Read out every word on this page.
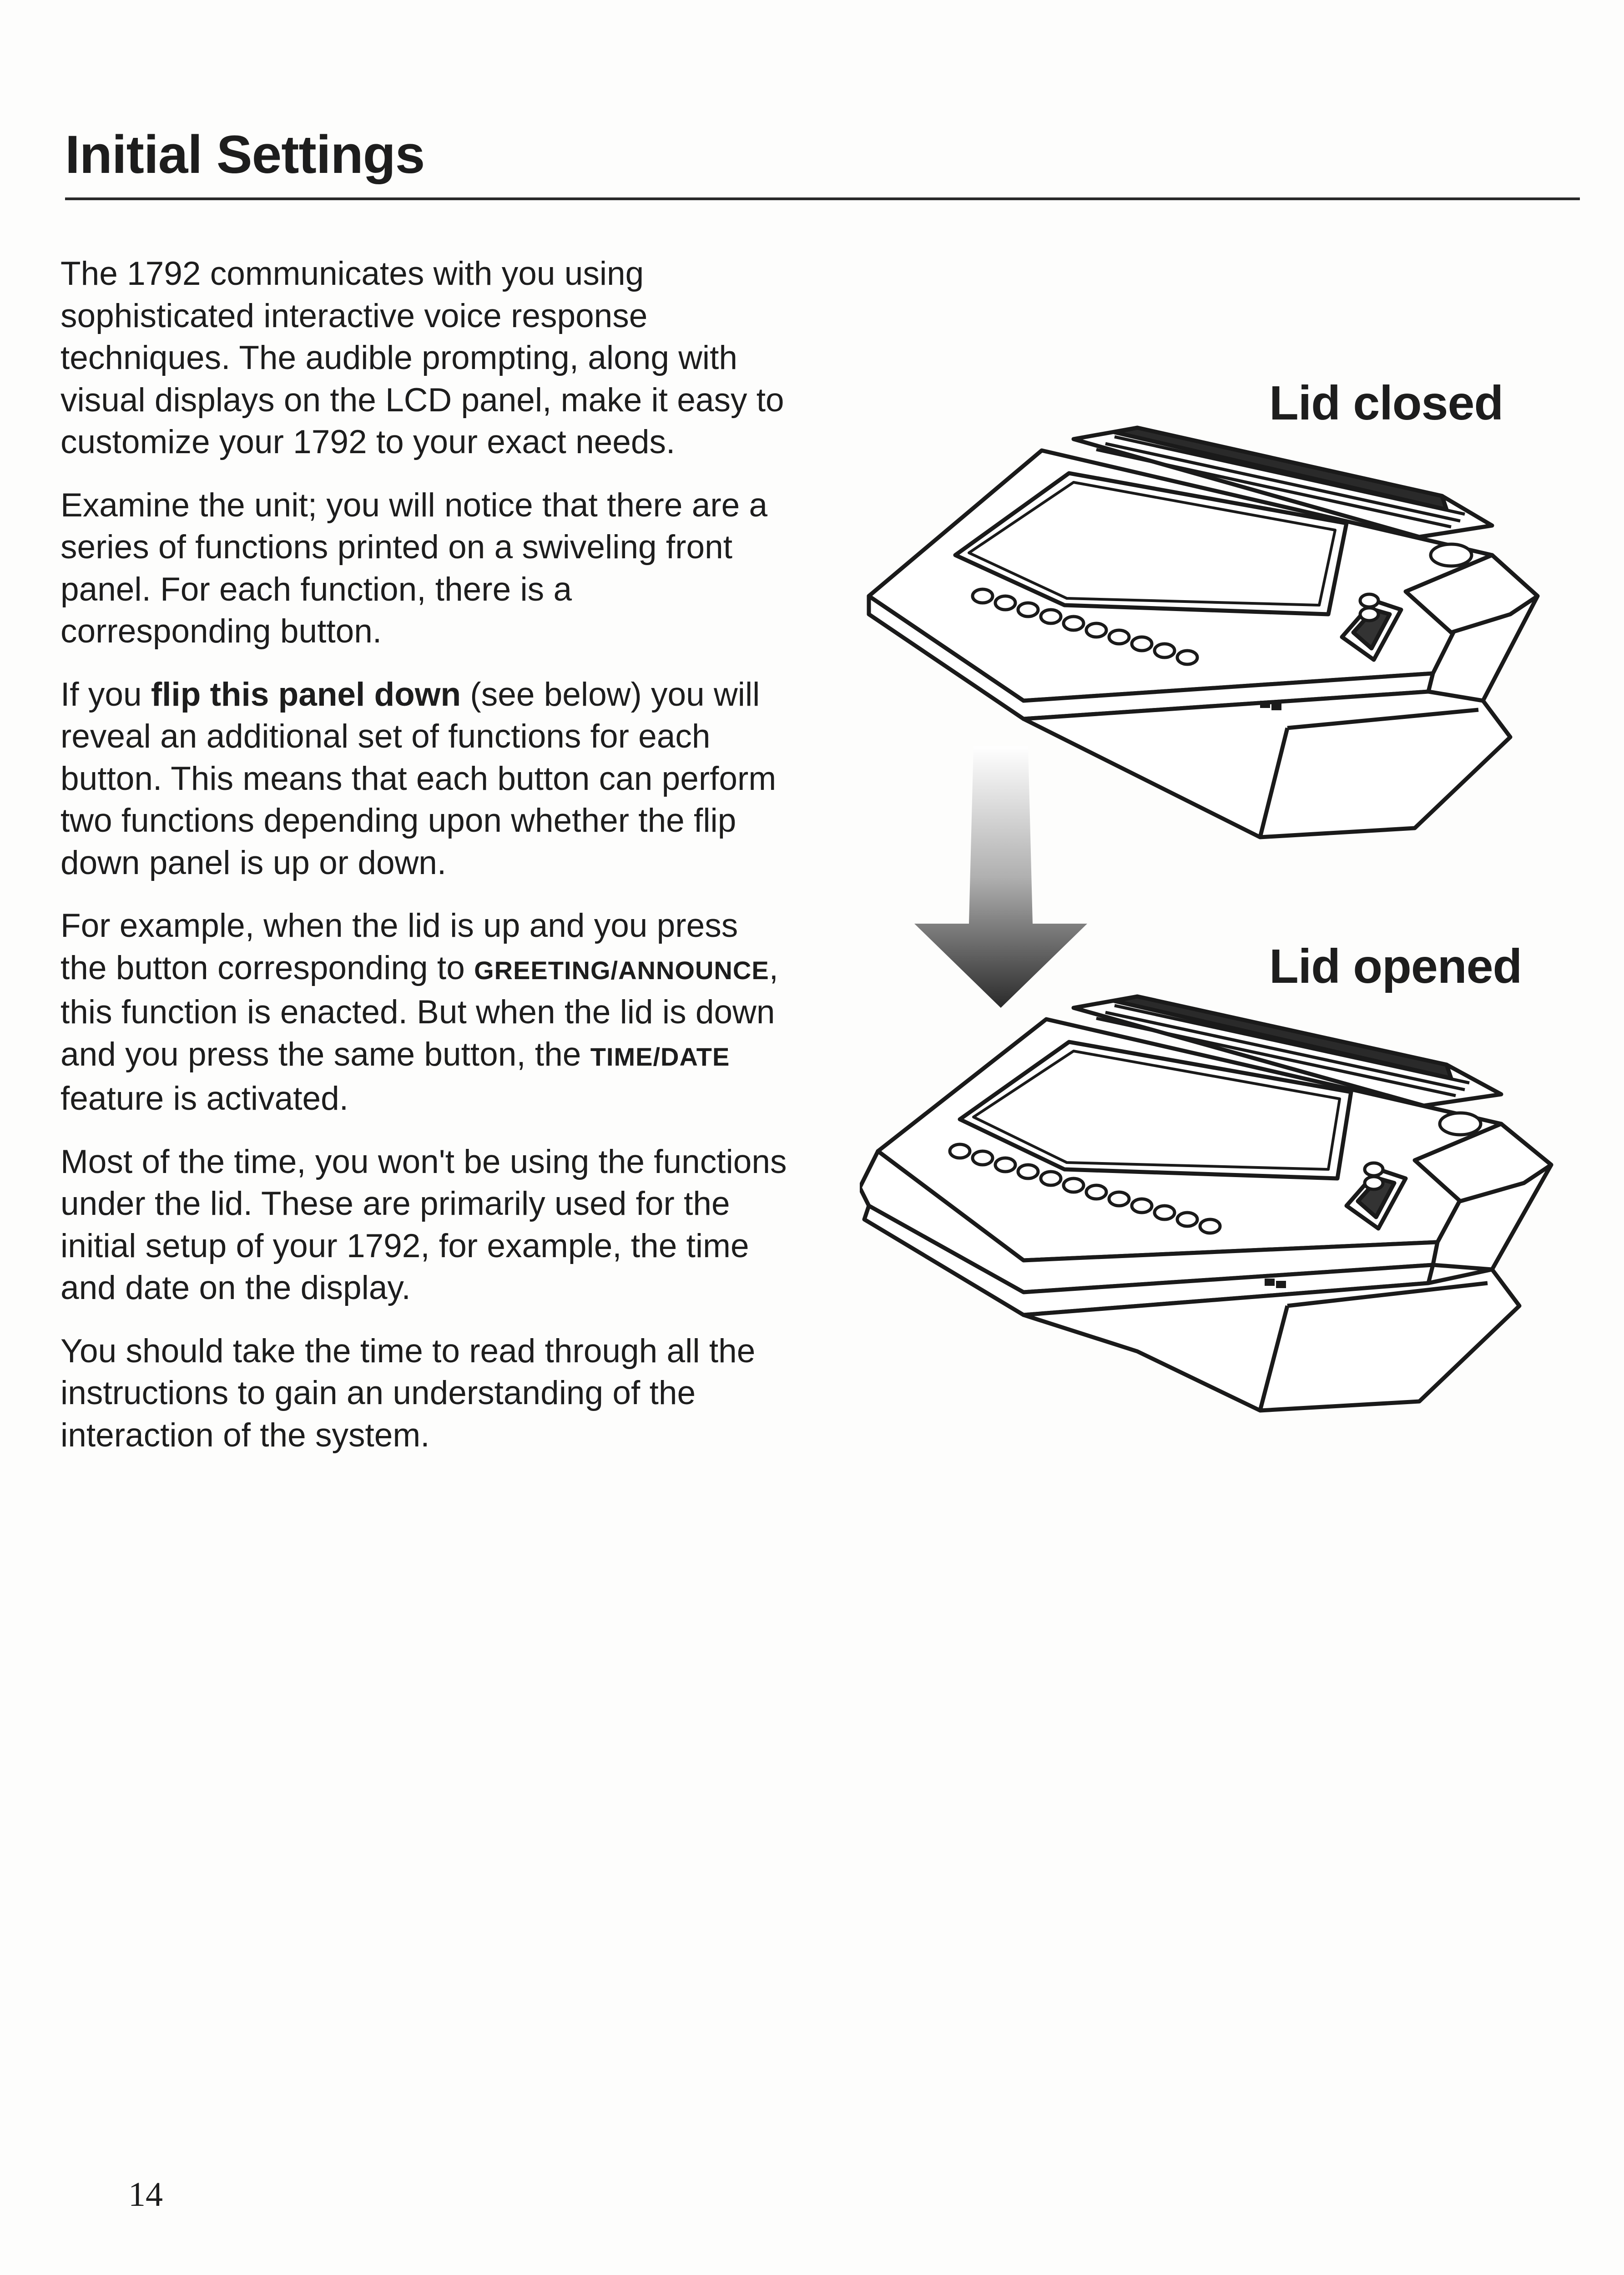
Initial Settings

The 1792 communicates with you using sophisticated interactive voice response techniques. The audible prompting, along with visual displays on the LCD panel, make it easy to customize your 1792 to your exact needs.

Examine the unit; you will notice that there are a series of functions printed on a swiveling front panel. For each function, there is a corresponding button.

If you flip this panel down (see below) you will reveal an additional set of functions for each button. This means that each button can perform two functions depending upon whether the flip down panel is up or down.

For example, when the lid is up and you press the button corresponding to GREETING/ANNOUNCE, this function is enacted. But when the lid is down and you press the same button, the TIME/DATE feature is activated.

Most of the time, you won't be using the functions under the lid. These are primarily used for the initial setup of your 1792, for example, the time and date on the display.

You should take the time to read through all the instructions to gain an understanding of the interaction of the system.

Lid closed
Lid opened
14
